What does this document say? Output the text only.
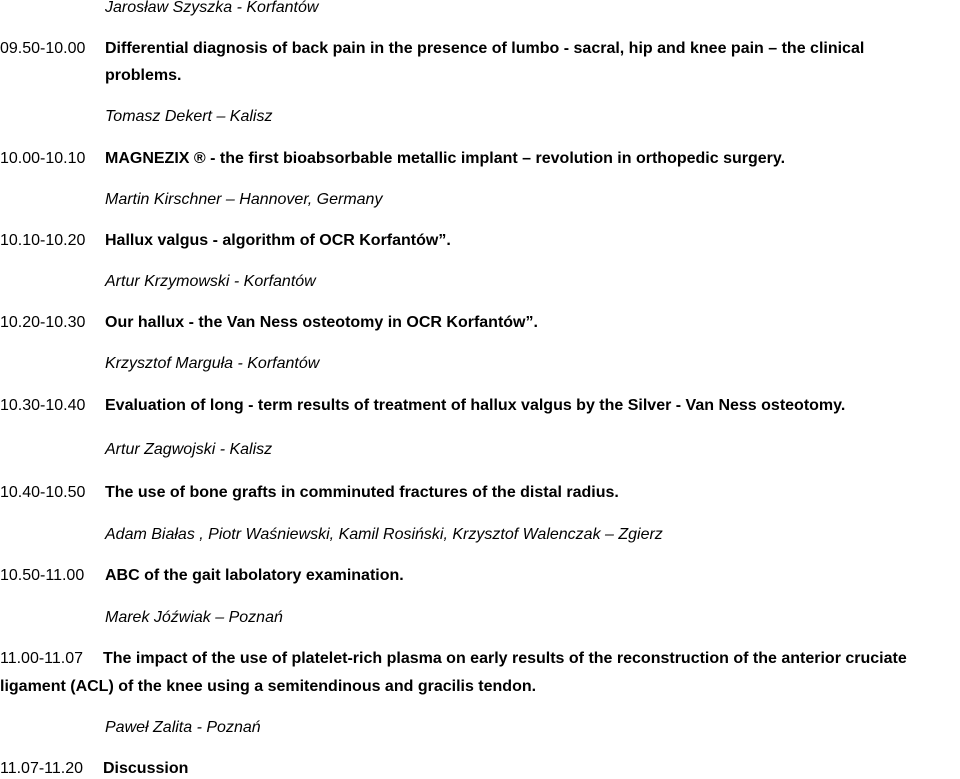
Jarosław Szyszka - Korfantów
09.50-10.00 Differential diagnosis of back pain in the presence of lumbo - sacral, hip and knee pain – the clinical
problems.
Tomasz Dekert – Kalisz
10.00-10.10 MAGNEZIX ® - the first bioabsorbable metallic implant – revolution in orthopedic surgery.
Martin Kirschner – Hannover, Germany
10.10-10.20 Hallux valgus - algorithm of OCR Korfantów”.
Artur Krzymowski - Korfantów
10.20-10.30 Our hallux - the Van Ness osteotomy in OCR Korfantów”.
Krzysztof Marguła - Korfantów
10.30-10.40 Evaluation of long - term results of treatment of hallux valgus by the Silver - Van Ness osteotomy.
Artur Zagwojski - Kalisz
10.40-10.50 The use of bone grafts in comminuted fractures of the distal radius.
Adam Białas , Piotr Waśniewski, Kamil Rosiński, Krzysztof Walenczak – Zgierz
10.50-11.00 ABC of the gait labolatory examination.
Marek Jóźwiak – Poznań
11.00-11.07 The impact of the use of platelet-rich plasma on early results of the reconstruction of the anterior cruciate
ligament (ACL) of the knee using a semitendinous and gracilis tendon.
Paweł Zalita - Poznań
11.07-11.20 Discussion
